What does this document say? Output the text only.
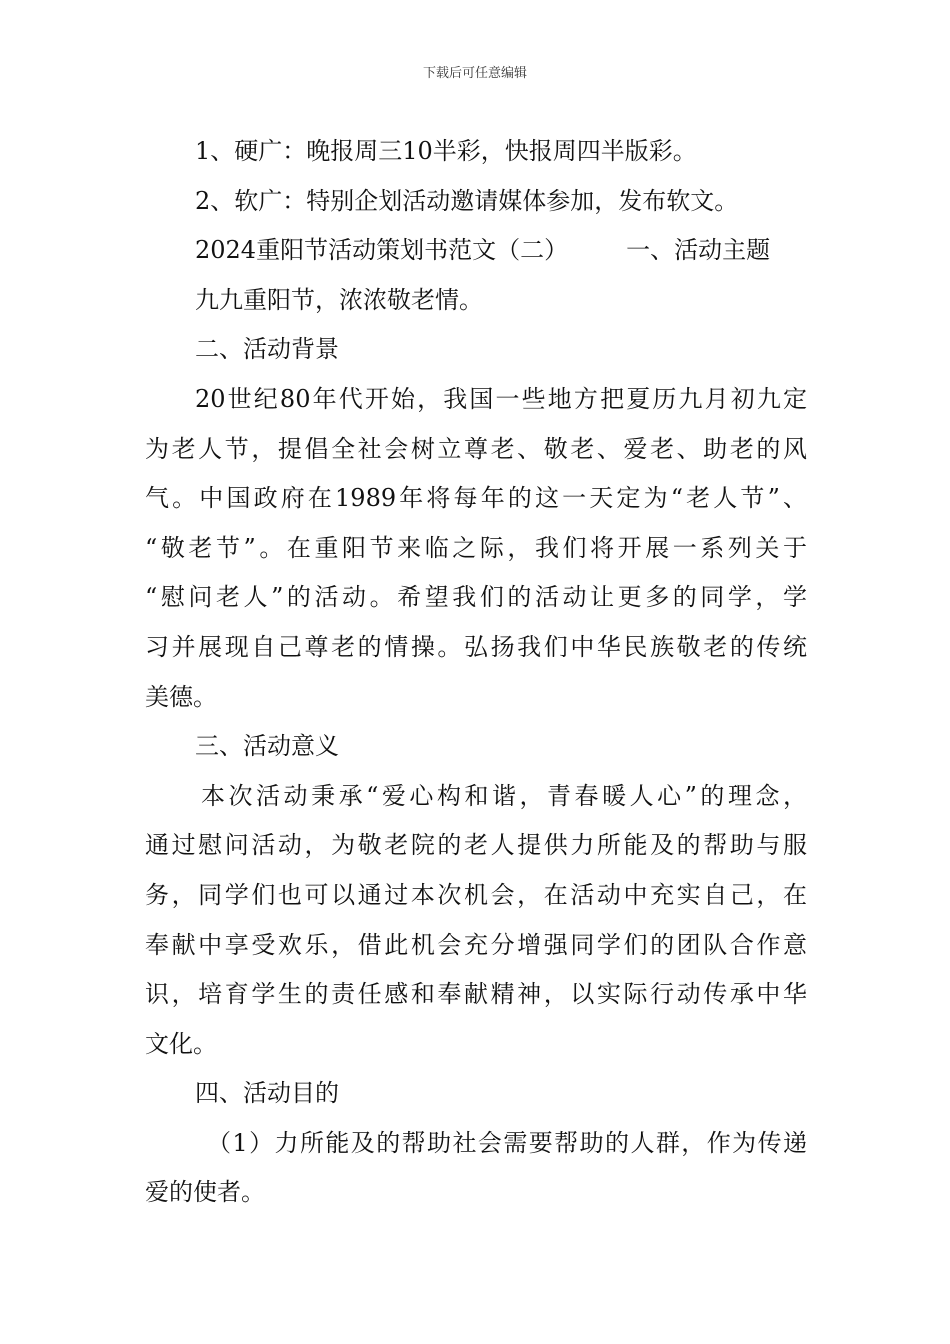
下载后可任意编辑
1、硬广：晚报周三10半彩，快报周四半版彩。
2、软广：特别企划活动邀请媒体参加，发布软文。
2024重阳节活动策划书范文（二） 一、活动主题
九九重阳节，浓浓敬老情。
二、活动背景
20世纪80年代开始，我国一些地方把夏历九月初九定
为老人节，提倡全社会树立尊老、敬老、爱老、助老的风
气。中国政府在1989年将每年的这一天定为“老人节”、
“敬老节”。在重阳节来临之际，我们将开展一系列关于
“慰问老人”的活动。希望我们的活动让更多的同学，学
习并展现自己尊老的情操。弘扬我们中华民族敬老的传统
美德。
三、活动意义
本次活动秉承“爱心构和谐，青春暖人心”的理念，
通过慰问活动，为敬老院的老人提供力所能及的帮助与服
务，同学们也可以通过本次机会，在活动中充实自己，在
奉献中享受欢乐，借此机会充分增强同学们的团队合作意
识，培育学生的责任感和奉献精神，以实际行动传承中华
文化。
四、活动目的
（1）力所能及的帮助社会需要帮助的人群，作为传递
爱的使者。
